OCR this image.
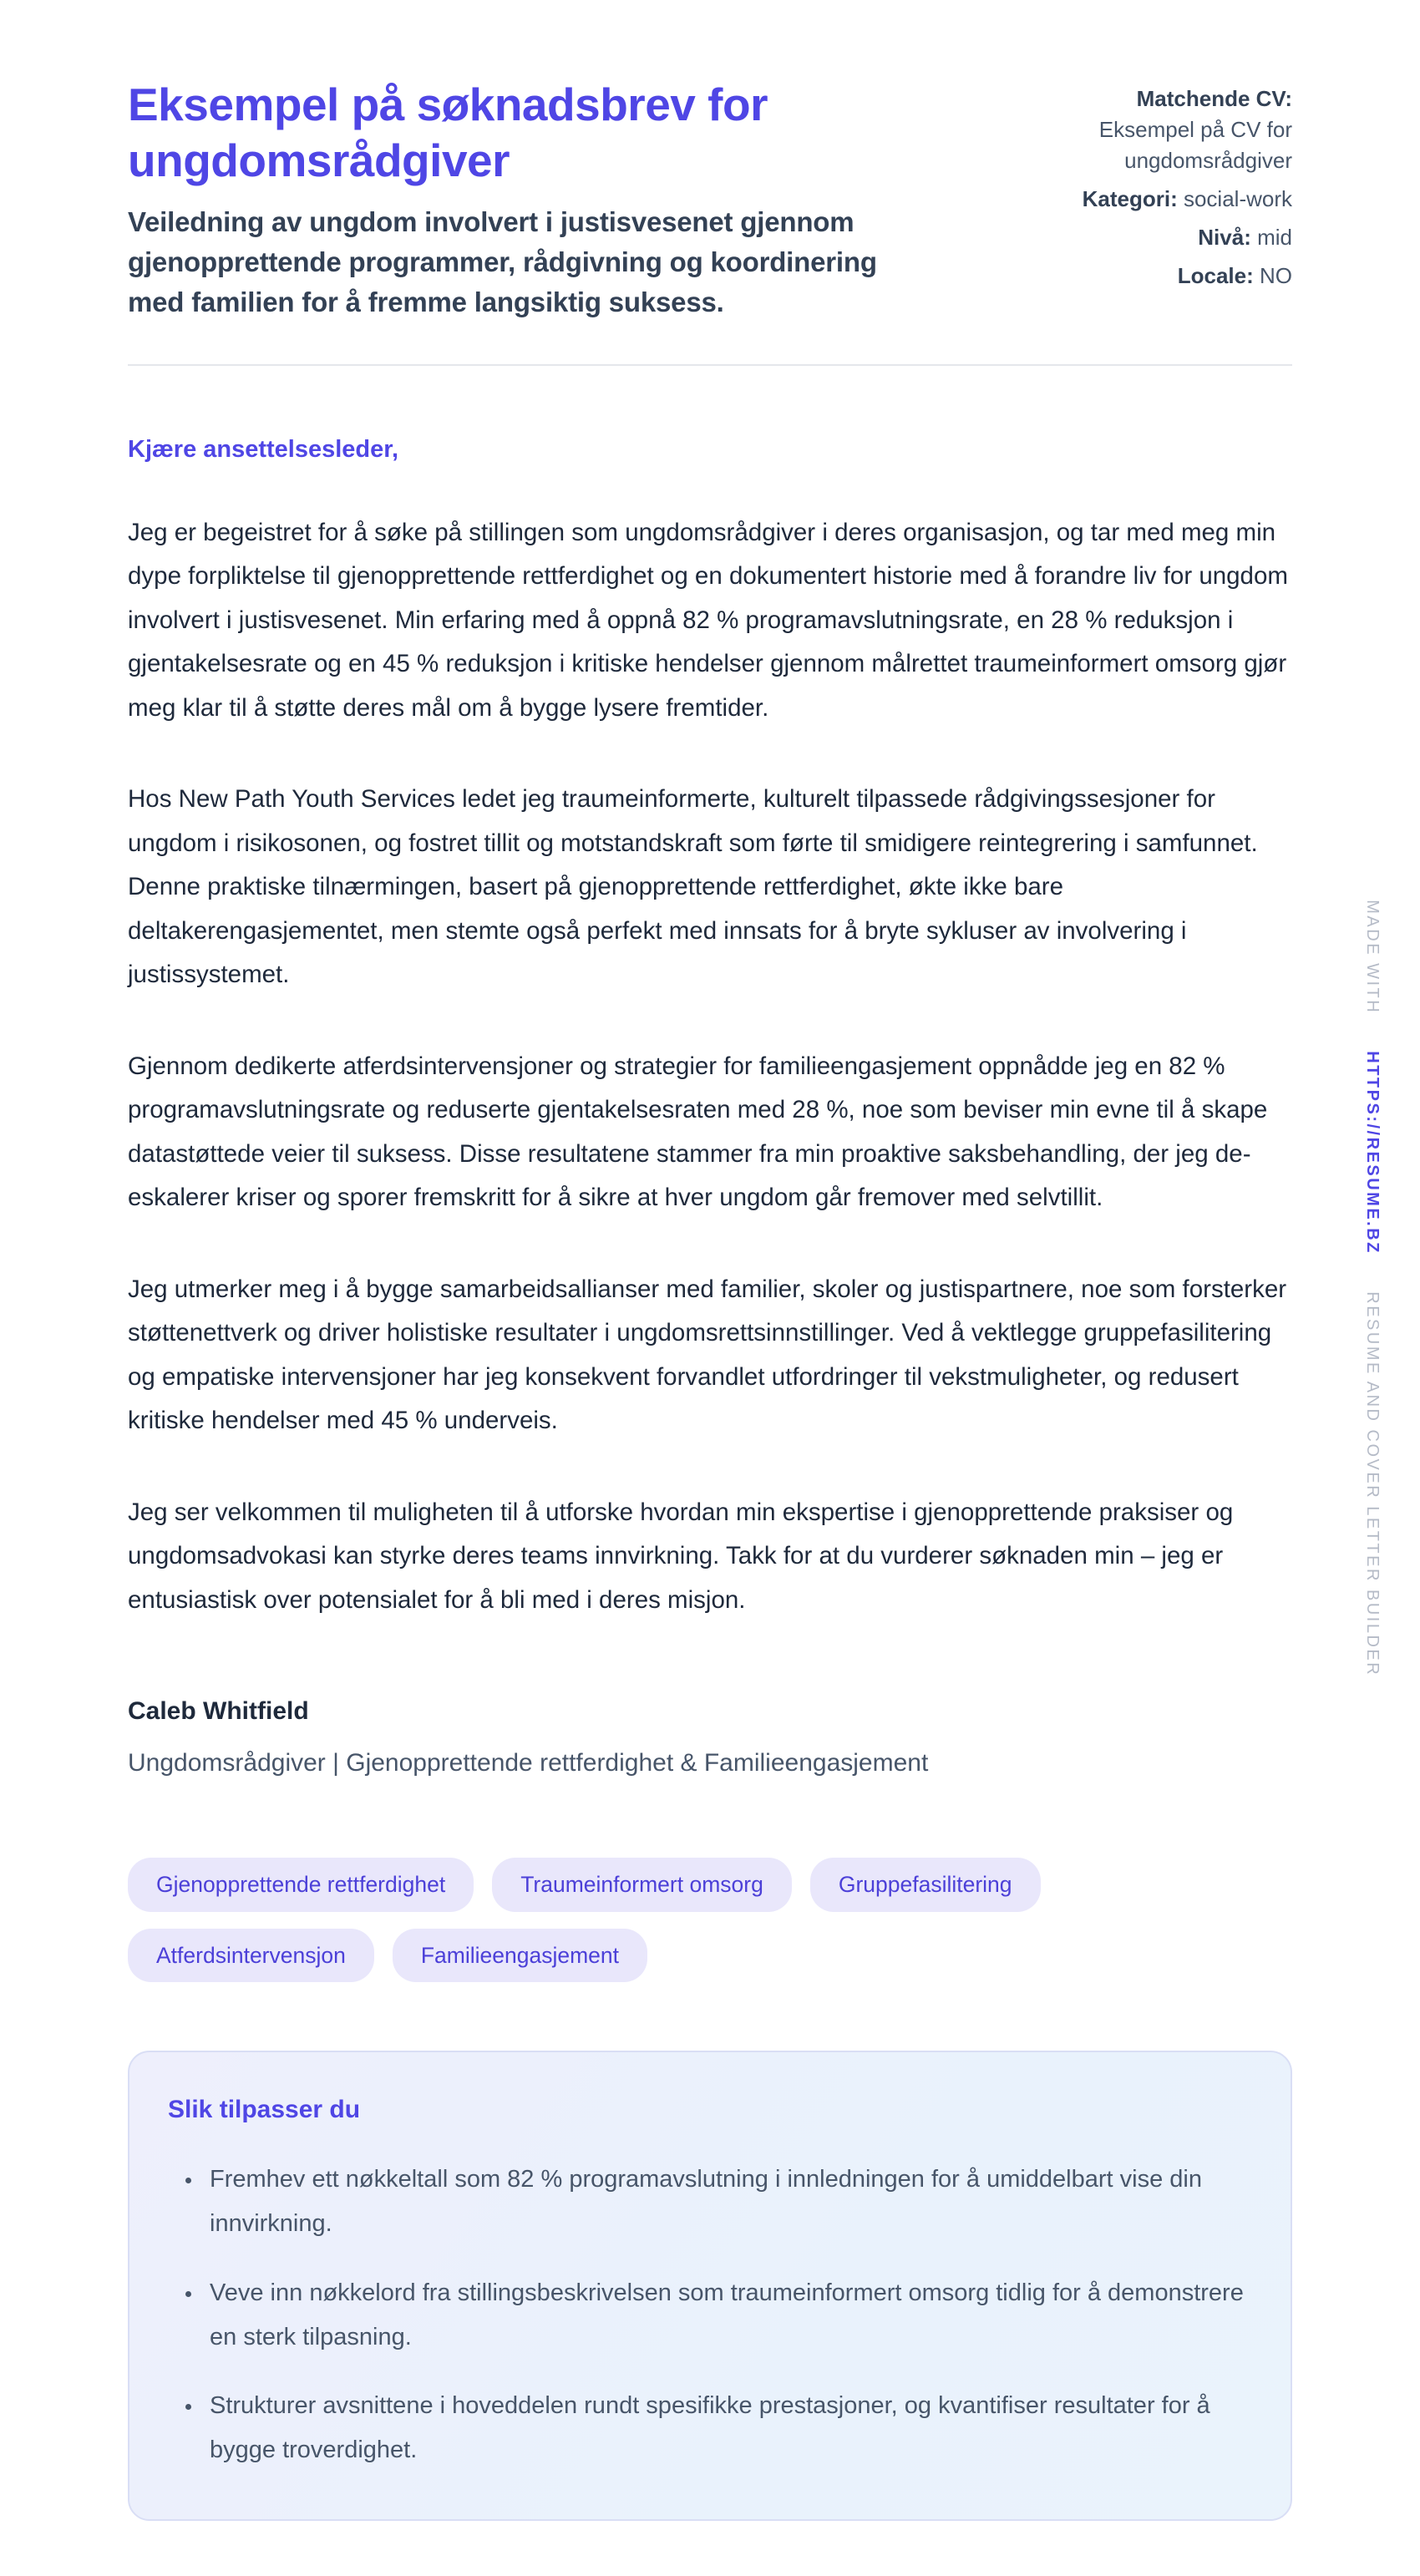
Eksempel på søknadsbrev for ungdomsrådgiver

Veiledning av ungdom involvert i justisvesenet gjennom gjenopprettende programmer, rådgivning og koordinering med familien for å fremme langsiktig suksess.

Matchende CV:
Eksempel på CV for ungdomsrådgiver
Kategori: social-work
Nivå: mid
Locale: NO

Kjære ansettelsesleder,

Jeg er begeistret for å søke på stillingen som ungdomsrådgiver i deres organisasjon, og tar med meg min dype forpliktelse til gjenopprettende rettferdighet og en dokumentert historie med å forandre liv for ungdom involvert i justisvesenet. Min erfaring med å oppnå 82 % programavslutningsrate, en 28 % reduksjon i gjentakelsesrate og en 45 % reduksjon i kritiske hendelser gjennom målrettet traumeinformert omsorg gjør meg klar til å støtte deres mål om å bygge lysere fremtider.

Hos New Path Youth Services ledet jeg traumeinformerte, kulturelt tilpassede rådgivingssesjoner for ungdom i risikosonen, og fostret tillit og motstandskraft som førte til smidigere reintegrering i samfunnet. Denne praktiske tilnærmingen, basert på gjenopprettende rettferdighet, økte ikke bare deltakerengasjementet, men stemte også perfekt med innsats for å bryte sykluser av involvering i justissystemet.

Gjennom dedikerte atferdsintervensjoner og strategier for familieengasjement oppnådde jeg en 82 % programavslutningsrate og reduserte gjentakelsesraten med 28 %, noe som beviser min evne til å skape datastøttede veier til suksess. Disse resultatene stammer fra min proaktive saksbehandling, der jeg de-eskalerer kriser og sporer fremskritt for å sikre at hver ungdom går fremover med selvtillit.

Jeg utmerker meg i å bygge samarbeidsallianser med familier, skoler og justispartnere, noe som forsterker støttenettverk og driver holistiske resultater i ungdomsrettsinnstillinger. Ved å vektlegge gruppefasilitering og empatiske intervensjoner har jeg konsekvent forvandlet utfordringer til vekstmuligheter, og redusert kritiske hendelser med 45 % underveis.

Jeg ser velkommen til muligheten til å utforske hvordan min ekspertise i gjenopprettende praksiser og ungdomsadvokasi kan styrke deres teams innvirkning. Takk for at du vurderer søknaden min – jeg er entusiastisk over potensialet for å bli med i deres misjon.

Caleb Whitfield

Ungdomsrådgiver | Gjenopprettende rettferdighet & Familieengasjement

Gjenopprettende rettferdighet	Traumeinformert omsorg	Gruppefasilitering
Atferdsintervensjon	Familieengasjement
Slik tilpasser du
• Fremhev ett nøkkeltall som 82 % programavslutning i innledningen for å umiddelbart vise din innvirkning.
• Veve inn nøkkelord fra stillingsbeskrivelsen som traumeinformert omsorg tidlig for å demonstrere en sterk tilpasning.
• Strukturer avsnittene i hoveddelen rundt spesifikke prestasjoner, og kvantifiser resultater for å bygge troverdighet.
MADE WITH
HTTPS://RESUME.BZ
RESUME AND COVER LETTER BUILDER
